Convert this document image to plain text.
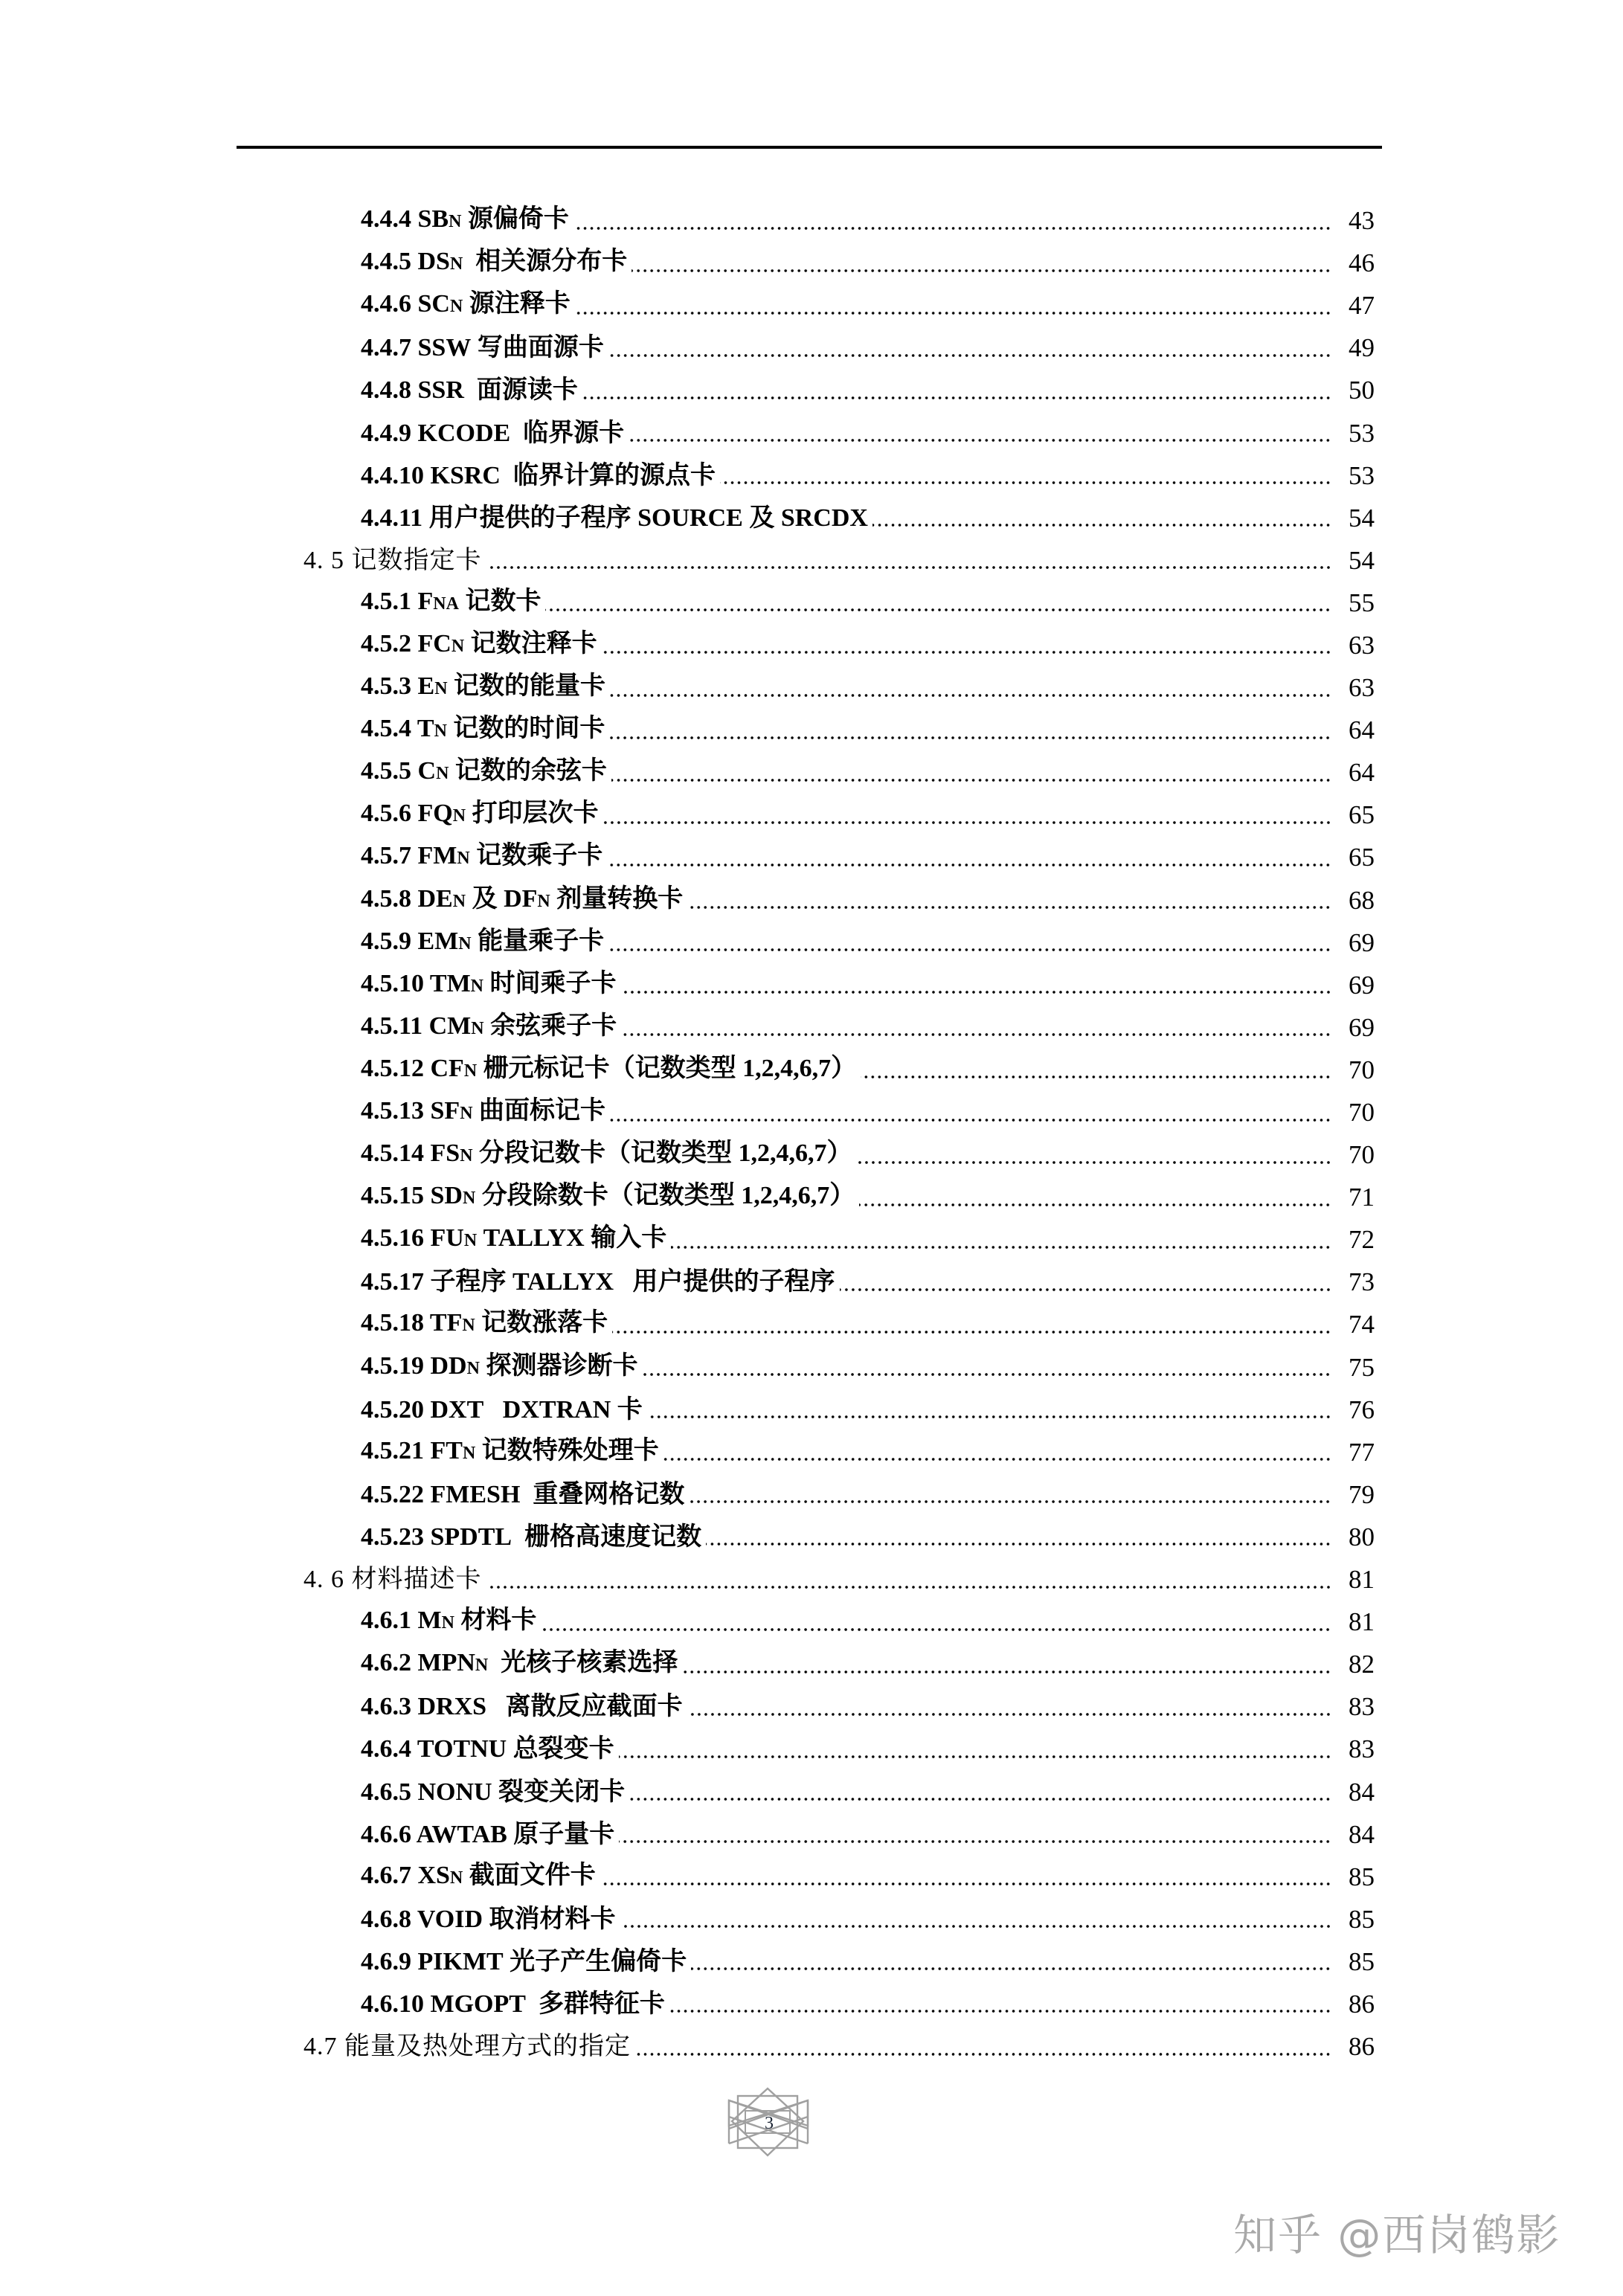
4.4.4 SBN 源偏倚卡	43
4.4.5 DSN  相关源分布卡	46
4.4.6 SCN 源注释卡	47
4.4.7 SSW 写曲面源卡	49
4.4.8 SSR  面源读卡	50
4.4.9 KCODE  临界源卡	53
4.4.10 KSRC  临界计算的源点卡	53
4.4.11 用户提供的子程序 SOURCE 及 SRCDX	54
4. 5 记数指定卡	54
4.5.1 FNA 记数卡	55
4.5.2 FCN 记数注释卡	63
4.5.3 EN 记数的能量卡	63
4.5.4 TN 记数的时间卡	64
4.5.5 CN 记数的余弦卡	64
4.5.6 FQN 打印层次卡	65
4.5.7 FMN 记数乘子卡	65
4.5.8 DEN 及 DFN 剂量转换卡	68
4.5.9 EMN 能量乘子卡	69
4.5.10 TMN 时间乘子卡	69
4.5.11 CMN 余弦乘子卡	69
4.5.12 CFN 栅元标记卡（记数类型 1,2,4,6,7）	70
4.5.13 SFN 曲面标记卡	70
4.5.14 FSN 分段记数卡（记数类型 1,2,4,6,7）	70
4.5.15 SDN 分段除数卡（记数类型 1,2,4,6,7）	71
4.5.16 FUN TALLYX 输入卡	72
4.5.17 子程序 TALLYX   用户提供的子程序	73
4.5.18 TFN 记数涨落卡	74
4.5.19 DDN 探测器诊断卡	75
4.5.20 DXT   DXTRAN 卡	76
4.5.21 FTN 记数特殊处理卡	77
4.5.22 FMESH  重叠网格记数	79
4.5.23 SPDTL  栅格高速度记数	80
4. 6 材料描述卡	81
4.6.1 MN 材料卡	81
4.6.2 MPNN  光核子核素选择	82
4.6.3 DRXS   离散反应截面卡	83
4.6.4 TOTNU 总裂变卡	83
4.6.5 NONU 裂变关闭卡	84
4.6.6 AWTAB 原子量卡	84
4.6.7 XSN 截面文件卡	85
4.6.8 VOID 取消材料卡	85
4.6.9 PIKMT 光子产生偏倚卡	85
4.6.10 MGOPT  多群特征卡	86
4.7 能量及热处理方式的指定	86
3
知乎 @西岗鹤影
